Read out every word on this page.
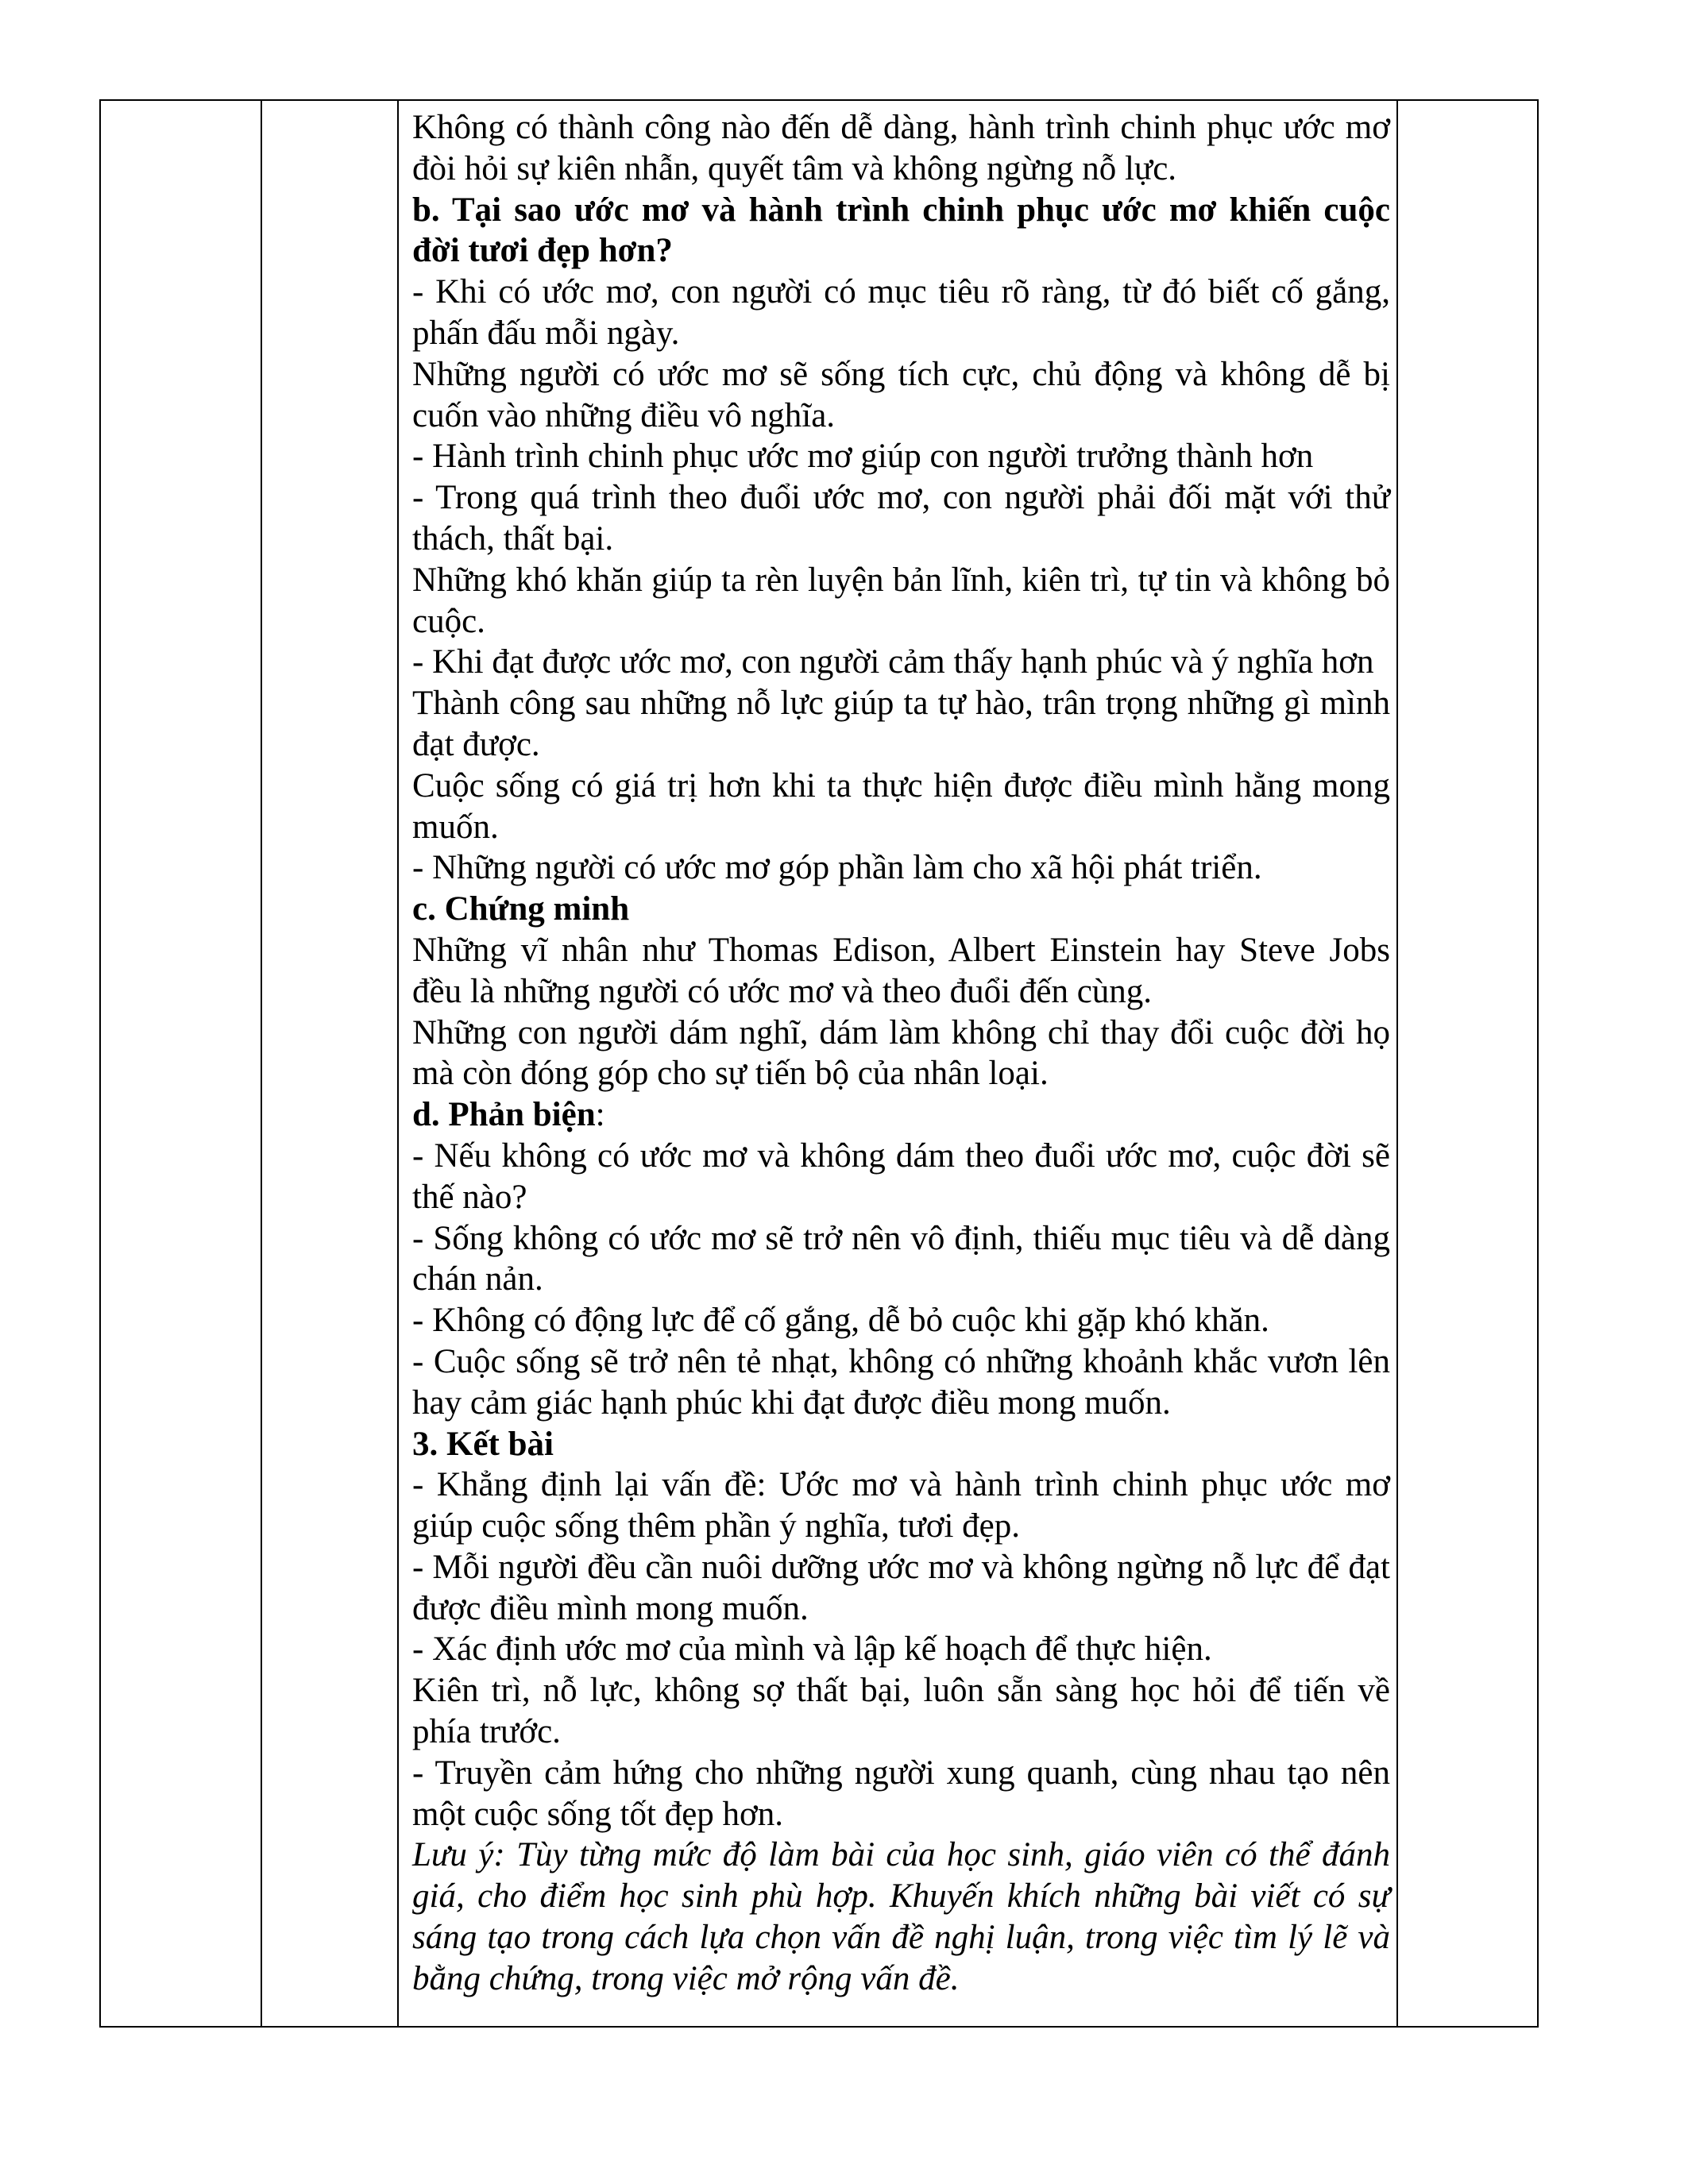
Không có thành công nào đến dễ dàng, hành trình chinh phục ước mơ đòi hỏi sự kiên nhẫn, quyết tâm và không ngừng nỗ lực.

b. Tại sao ước mơ và hành trình chinh phục ước mơ khiến cuộc đời tươi đẹp hơn?

- Khi có ước mơ, con người có mục tiêu rõ ràng, từ đó biết cố gắng, phấn đấu mỗi ngày.

Những người có ước mơ sẽ sống tích cực, chủ động và không dễ bị cuốn vào những điều vô nghĩa.

- Hành trình chinh phục ước mơ giúp con người trưởng thành hơn

- Trong quá trình theo đuổi ước mơ, con người phải đối mặt với thử thách, thất bại.

Những khó khăn giúp ta rèn luyện bản lĩnh, kiên trì, tự tin và không bỏ cuộc.

- Khi đạt được ước mơ, con người cảm thấy hạnh phúc và ý nghĩa hơn

Thành công sau những nỗ lực giúp ta tự hào, trân trọng những gì mình đạt được.

Cuộc sống có giá trị hơn khi ta thực hiện được điều mình hằng mong muốn.

- Những người có ước mơ góp phần làm cho xã hội phát triển.

c. Chứng minh

Những vĩ nhân như Thomas Edison, Albert Einstein hay Steve Jobs đều là những người có ước mơ và theo đuổi đến cùng.

Những con người dám nghĩ, dám làm không chỉ thay đổi cuộc đời họ mà còn đóng góp cho sự tiến bộ của nhân loại.

d. Phản biện:

- Nếu không có ước mơ và không dám theo đuổi ước mơ, cuộc đời sẽ thế nào?

- Sống không có ước mơ sẽ trở nên vô định, thiếu mục tiêu và dễ dàng chán nản.

- Không có động lực để cố gắng, dễ bỏ cuộc khi gặp khó khăn.

- Cuộc sống sẽ trở nên tẻ nhạt, không có những khoảnh khắc vươn lên hay cảm giác hạnh phúc khi đạt được điều mong muốn.

3. Kết bài

- Khẳng định lại vấn đề: Ước mơ và hành trình chinh phục ước mơ giúp cuộc sống thêm phần ý nghĩa, tươi đẹp.

- Mỗi người đều cần nuôi dưỡng ước mơ và không ngừng nỗ lực để đạt được điều mình mong muốn.

- Xác định ước mơ của mình và lập kế hoạch để thực hiện.

Kiên trì, nỗ lực, không sợ thất bại, luôn sẵn sàng học hỏi để tiến về phía trước.

- Truyền cảm hứng cho những người xung quanh, cùng nhau tạo nên một cuộc sống tốt đẹp hơn.

Lưu ý: Tùy từng mức độ làm bài của học sinh, giáo viên có thể đánh giá, cho điểm học sinh phù hợp. Khuyến khích những bài viết có sự sáng tạo trong cách lựa chọn vấn đề nghị luận, trong việc tìm lý lẽ và bằng chứng, trong việc mở rộng vấn đề.
